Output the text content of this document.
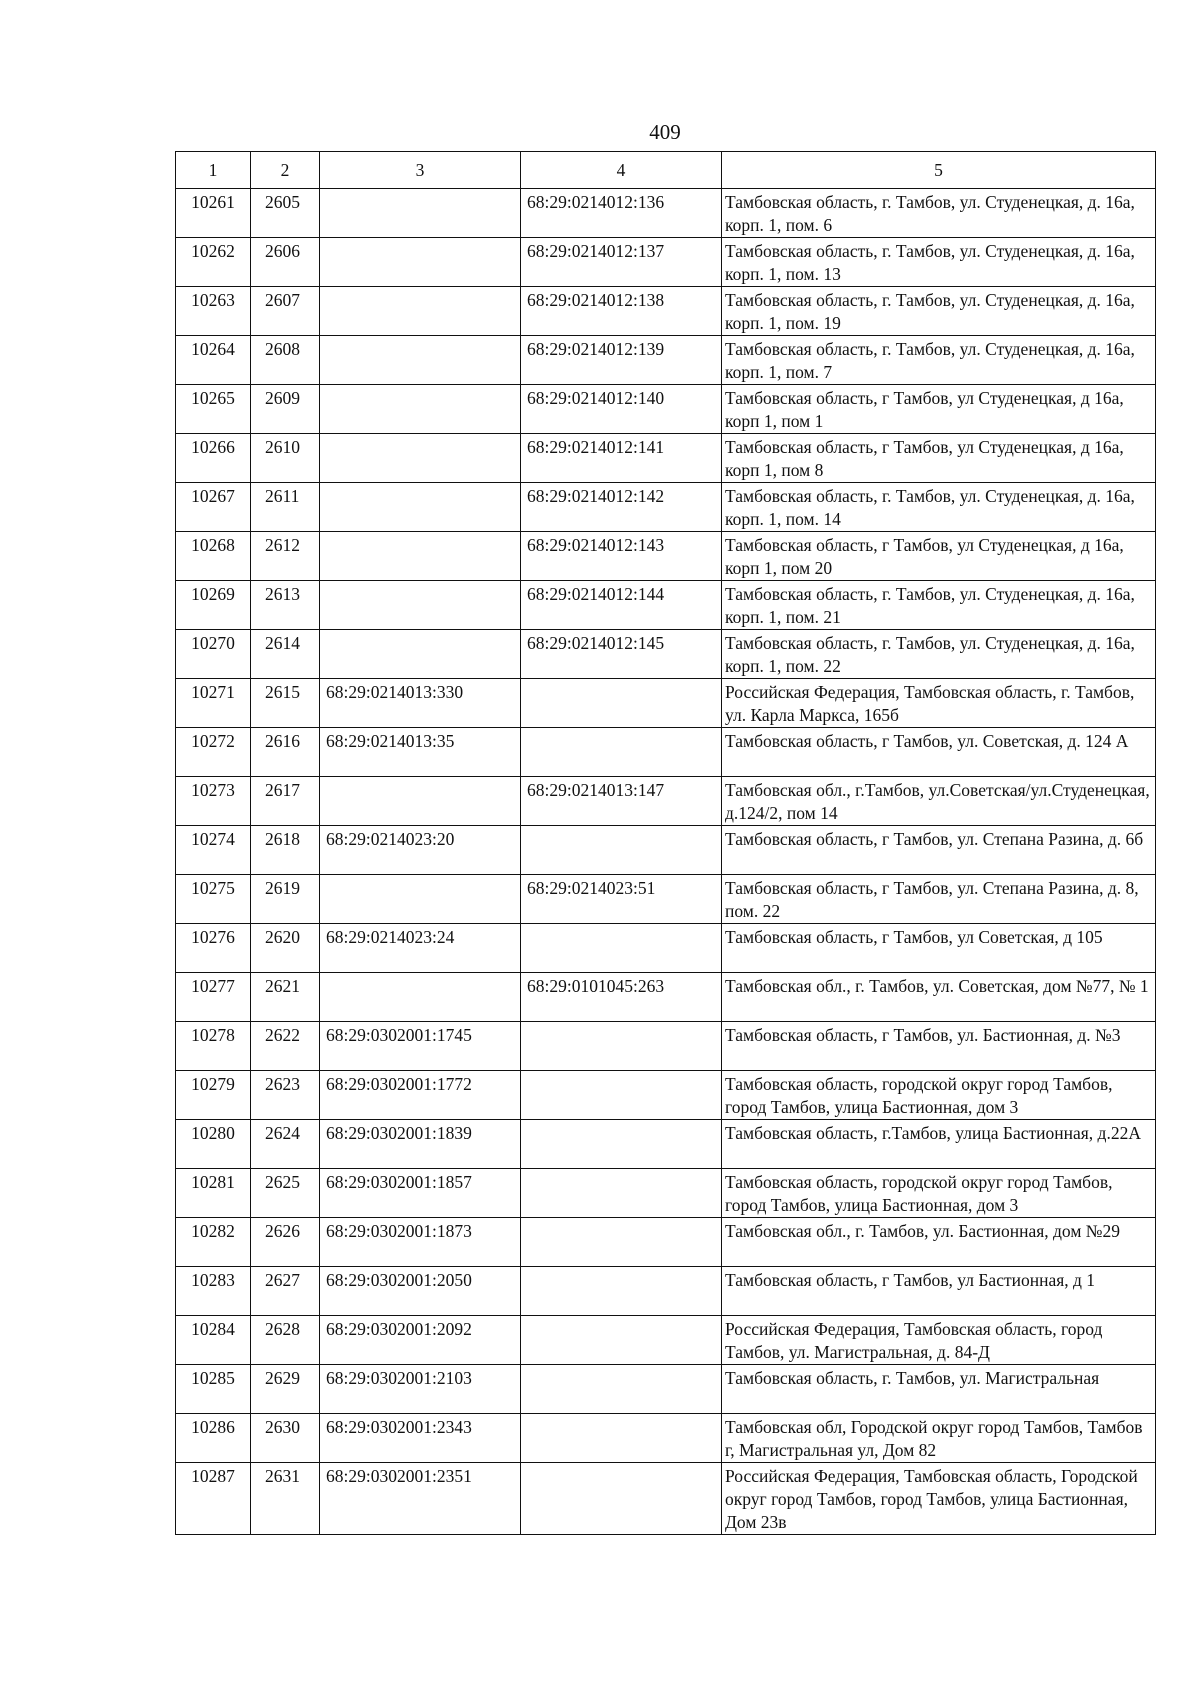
409
1	2	3	4	5
10261	2605		68:29:0214012:136	Тамбовская область, г. Тамбов, ул. Студенецкая, д. 16а, корп. 1, пом. 6
10262	2606		68:29:0214012:137	Тамбовская область, г. Тамбов, ул. Студенецкая, д. 16а, корп. 1, пом. 13
10263	2607		68:29:0214012:138	Тамбовская область, г. Тамбов, ул. Студенецкая, д. 16а, корп. 1, пом. 19
10264	2608		68:29:0214012:139	Тамбовская область, г. Тамбов, ул. Студенецкая, д. 16а, корп. 1, пом. 7
10265	2609		68:29:0214012:140	Тамбовская область, г Тамбов, ул Студенецкая, д 16а, корп 1, пом 1
10266	2610		68:29:0214012:141	Тамбовская область, г Тамбов, ул Студенецкая, д 16а, корп 1, пом 8
10267	2611		68:29:0214012:142	Тамбовская область, г. Тамбов, ул. Студенецкая, д. 16а, корп. 1, пом. 14
10268	2612		68:29:0214012:143	Тамбовская область, г Тамбов, ул Студенецкая, д 16а, корп 1, пом 20
10269	2613		68:29:0214012:144	Тамбовская область, г. Тамбов, ул. Студенецкая, д. 16а, корп. 1, пом. 21
10270	2614		68:29:0214012:145	Тамбовская область, г. Тамбов, ул. Студенецкая, д. 16а, корп. 1, пом. 22
10271	2615	68:29:0214013:330		Российская Федерация, Тамбовская область, г. Тамбов, ул. Карла Маркса, 165б
10272	2616	68:29:0214013:35		Тамбовская область, г Тамбов, ул. Советская, д. 124 А
10273	2617		68:29:0214013:147	Тамбовская обл., г.Тамбов, ул.Советская/ул.Студенецкая, д.124/2, пом 14
10274	2618	68:29:0214023:20		Тамбовская область, г Тамбов, ул. Степана Разина, д. 6б
10275	2619		68:29:0214023:51	Тамбовская область, г Тамбов, ул. Степана Разина, д. 8, пом. 22
10276	2620	68:29:0214023:24		Тамбовская область, г Тамбов, ул Советская, д 105
10277	2621		68:29:0101045:263	Тамбовская обл., г. Тамбов, ул. Советская, дом №77, № 1
10278	2622	68:29:0302001:1745		Тамбовская область, г Тамбов, ул. Бастионная, д. №3
10279	2623	68:29:0302001:1772		Тамбовская область, городской округ город Тамбов, город Тамбов, улица Бастионная, дом 3
10280	2624	68:29:0302001:1839		Тамбовская область, г.Тамбов, улица Бастионная, д.22А
10281	2625	68:29:0302001:1857		Тамбовская область, городской округ город Тамбов, город Тамбов, улица Бастионная, дом 3
10282	2626	68:29:0302001:1873		Тамбовская обл., г. Тамбов, ул. Бастионная, дом №29
10283	2627	68:29:0302001:2050		Тамбовская область, г Тамбов, ул Бастионная, д 1
10284	2628	68:29:0302001:2092		Российская Федерация, Тамбовская область, город Тамбов, ул. Магистральная, д. 84-Д
10285	2629	68:29:0302001:2103		Тамбовская область, г. Тамбов, ул. Магистральная
10286	2630	68:29:0302001:2343		Тамбовская обл, Городской округ город Тамбов, Тамбов г, Магистральная ул, Дом 82
10287	2631	68:29:0302001:2351		Российская Федерация, Тамбовская область, Городской округ город Тамбов, город Тамбов, улица Бастионная, Дом 23в
